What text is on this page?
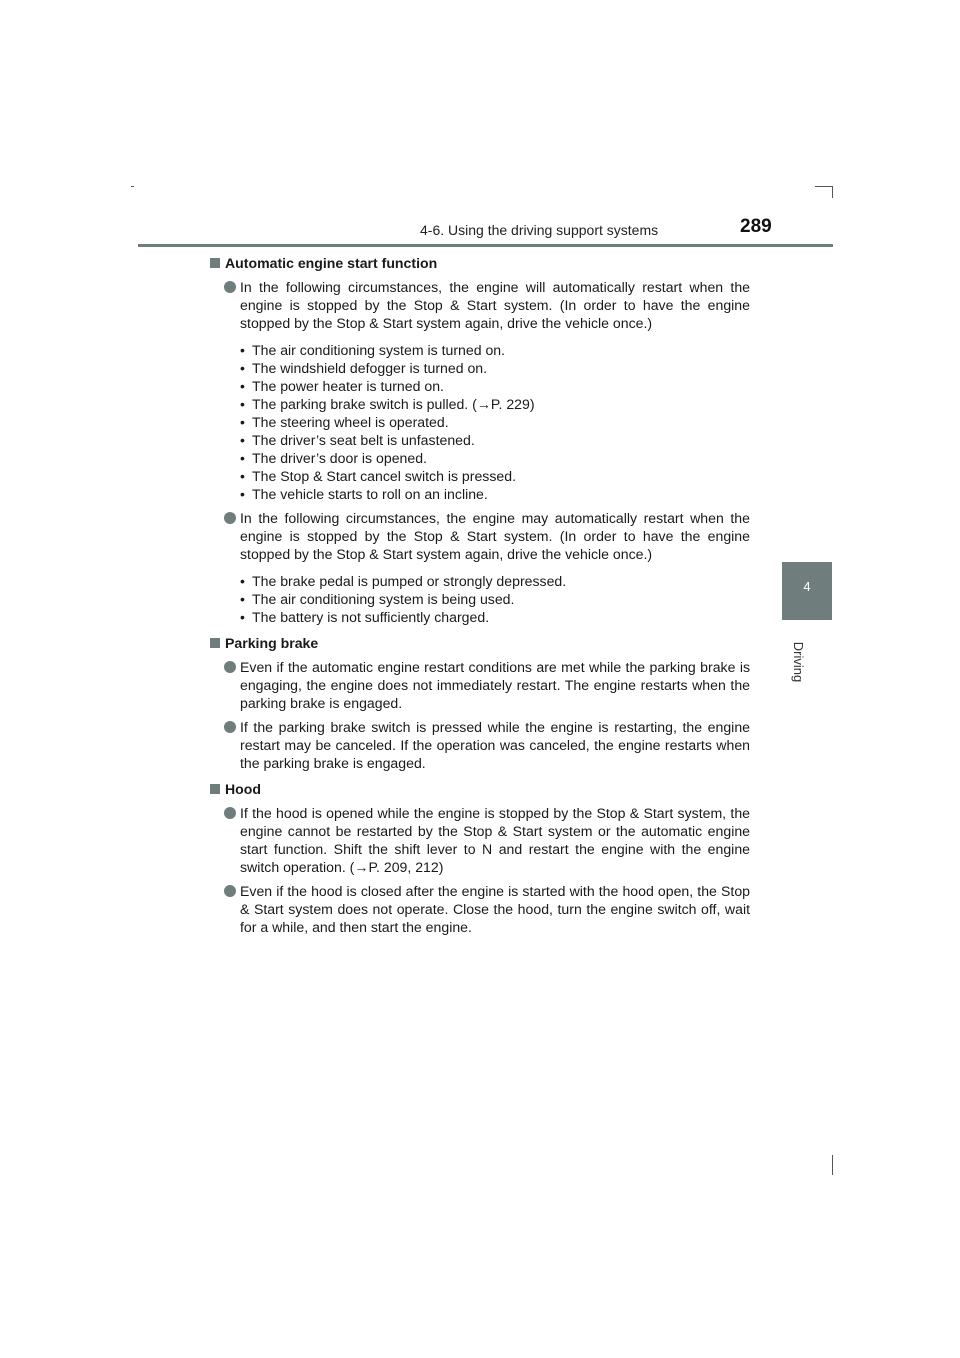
4-6. Using the driving support systems	289
4
Driving
Automatic engine start function
In the following circumstances, the engine will automatically restart when the engine is stopped by the Stop & Start system. (In order to have the engine stopped by the Stop & Start system again, drive the vehicle once.)
• The air conditioning system is turned on.
• The windshield defogger is turned on.
• The power heater is turned on.
• The parking brake switch is pulled. (→P. 229)
• The steering wheel is operated.
• The driver’s seat belt is unfastened.
• The driver’s door is opened.
• The Stop & Start cancel switch is pressed.
• The vehicle starts to roll on an incline.
In the following circumstances, the engine may automatically restart when the engine is stopped by the Stop & Start system. (In order to have the engine stopped by the Stop & Start system again, drive the vehicle once.)
• The brake pedal is pumped or strongly depressed.
• The air conditioning system is being used.
• The battery is not sufficiently charged.
Parking brake
Even if the automatic engine restart conditions are met while the parking brake is engaging, the engine does not immediately restart. The engine restarts when the parking brake is engaged.
If the parking brake switch is pressed while the engine is restarting, the engine restart may be canceled. If the operation was canceled, the engine restarts when the parking brake is engaged.
Hood
If the hood is opened while the engine is stopped by the Stop & Start system, the engine cannot be restarted by the Stop & Start system or the automatic engine start function. Shift the shift lever to N and restart the engine with the engine switch operation. (→P. 209, 212)
Even if the hood is closed after the engine is started with the hood open, the Stop & Start system does not operate. Close the hood, turn the engine switch off, wait for a while, and then start the engine.
